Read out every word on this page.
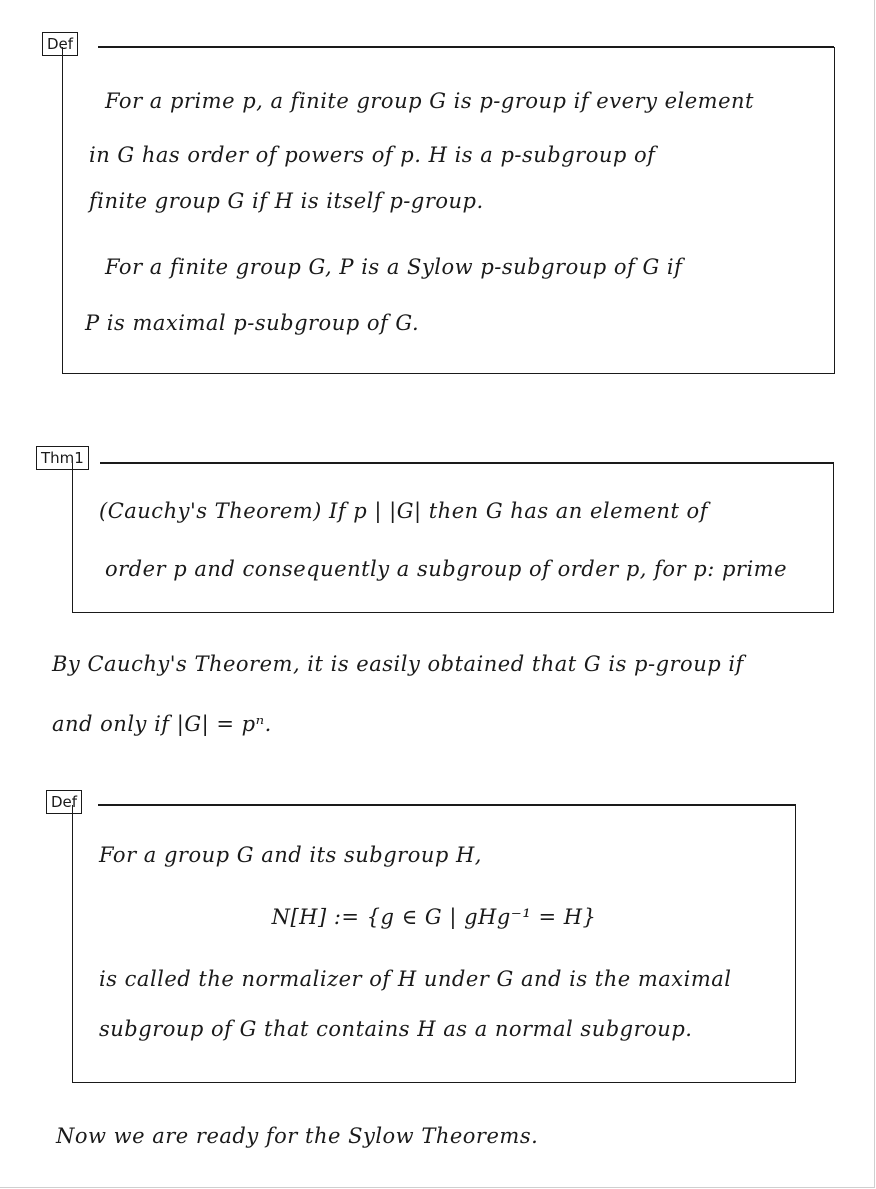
Def
For a prime p, a finite group G is p-group if every element
in G has order of powers of p. H is a p-subgroup of
finite group G if H is itself p-group.
For a finite group G, P is a Sylow p-subgroup of G if
P is maximal p-subgroup of G.
Thm1
(Cauchy's Theorem) If p | |G| then G has an element of
order p and consequently a subgroup of order p, for p: prime
By Cauchy's Theorem, it is easily obtained that G is p-group if
and only if |G| = pⁿ.
Def
For a group G and its subgroup H,
N[H] := {g ∈ G | gHg⁻¹ = H}
is called the normalizer of H under G and is the maximal
subgroup of G that contains H as a normal subgroup.
Now we are ready for the Sylow Theorems.
